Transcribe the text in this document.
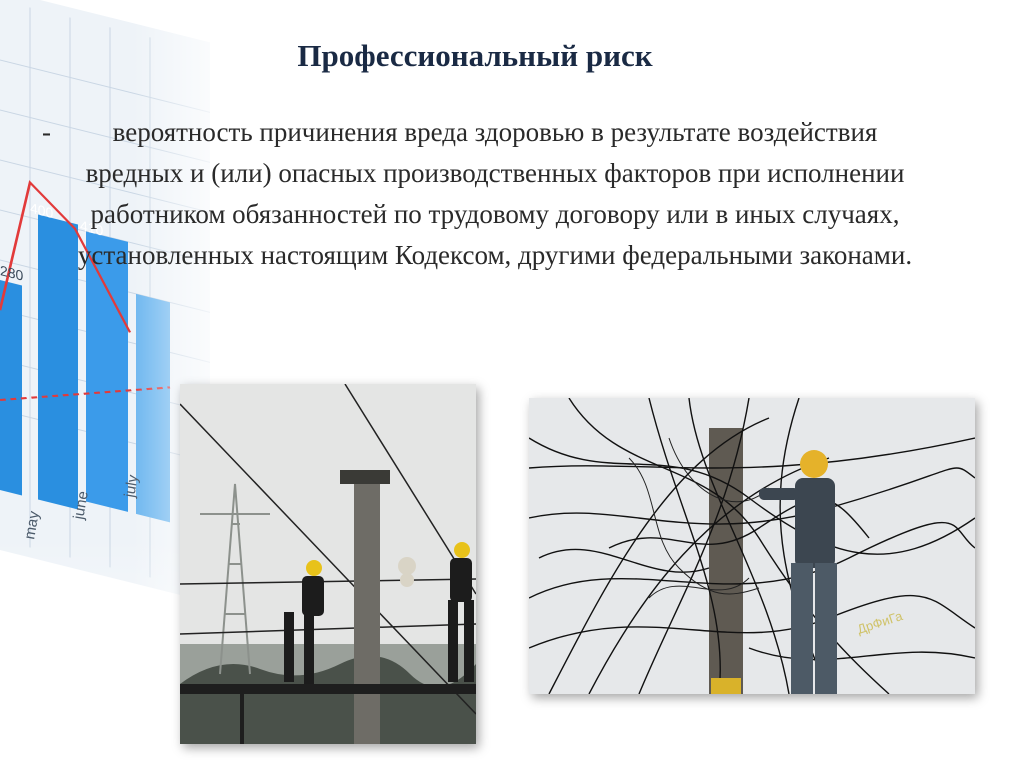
Профессиональный риск
-	вероятность причинения вреда здоровью в результате воздействия вредных и (или) опасных производственных факторов при исполнении работником обязанностей по трудовому договору или в иных случаях, установленных настоящим Кодексом, другими федеральными законами.
ДрФиГа
